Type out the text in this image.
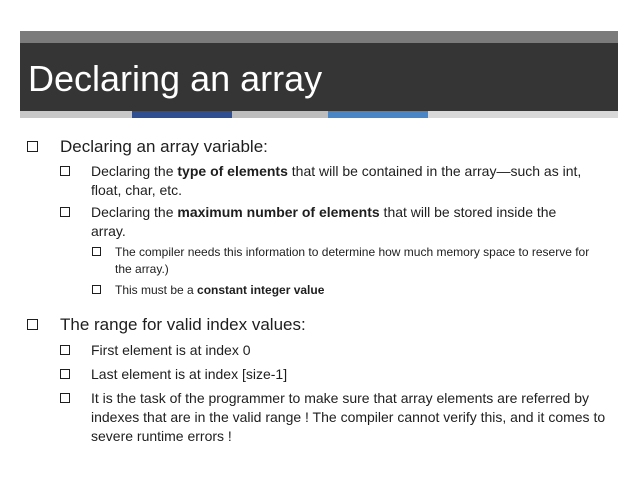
Declaring an array
Declaring an array variable:
Declaring the type of elements that will be contained in the array—such as int, float, char, etc.
Declaring the maximum number of elements that will be stored inside the array.
The compiler needs this information to determine how much memory space to reserve for the array.)
This must be a constant integer value
The range for valid index values:
First element is at index 0
Last element is at index [size-1]
It is the task of the programmer to make sure that array elements are referred by indexes that are in the valid range ! The compiler cannot verify this, and it comes to severe runtime errors !
